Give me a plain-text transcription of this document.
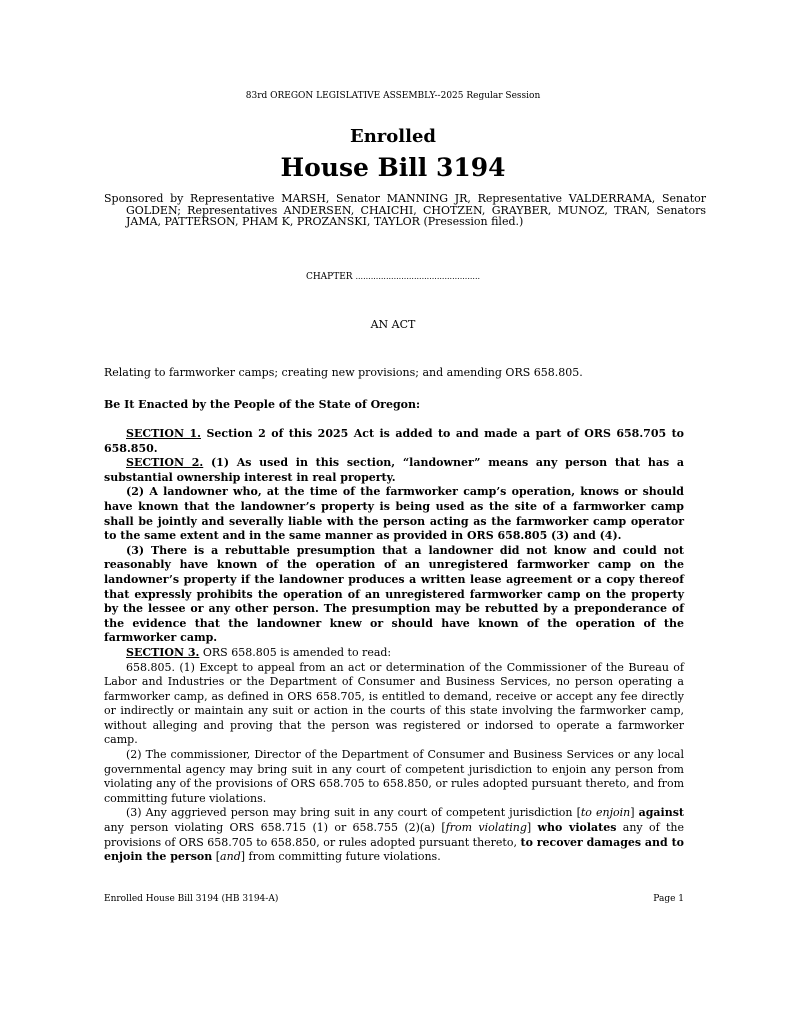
83rd OREGON LEGISLATIVE ASSEMBLY--2025 Regular Session
Enrolled
House Bill 3194
Sponsored by Representative MARSH, Senator MANNING JR, Representative VALDERRAMA, Senator GOLDEN; Representatives ANDERSEN, CHAICHI, CHOTZEN, GRAYBER, MUNOZ, TRAN, Senators JAMA, PATTERSON, PHAM K, PROZANSKI, TAYLOR (Presession filed.)
CHAPTER .................................................
AN ACT
Relating to farmworker camps; creating new provisions; and amending ORS 658.805.
Be It Enacted by the People of the State of Oregon:

SECTION 1. Section 2 of this 2025 Act is added to and made a part of ORS 658.705 to 658.850.

SECTION 2. (1) As used in this section, “landowner” means any person that has a substantial ownership interest in real property.

(2) A landowner who, at the time of the farmworker camp’s operation, knows or should have known that the landowner’s property is being used as the site of a farmworker camp shall be jointly and severally liable with the person acting as the farmworker camp operator to the same extent and in the same manner as provided in ORS 658.805 (3) and (4).

(3) There is a rebuttable presumption that a landowner did not know and could not reasonably have known of the operation of an unregistered farmworker camp on the landowner’s property if the landowner produces a written lease agreement or a copy thereof that expressly prohibits the operation of an unregistered farmworker camp on the property by the lessee or any other person. The presumption may be rebutted by a preponderance of the evidence that the landowner knew or should have known of the operation of the farmworker camp.

SECTION 3. ORS 658.805 is amended to read:

658.805. (1) Except to appeal from an act or determination of the Commissioner of the Bureau of Labor and Industries or the Department of Consumer and Business Services, no person operating a farmworker camp, as defined in ORS 658.705, is entitled to demand, receive or accept any fee directly or indirectly or maintain any suit or action in the courts of this state involving the farmworker camp, without alleging and proving that the person was registered or indorsed to operate a farmworker camp.

(2) The commissioner, Director of the Department of Consumer and Business Services or any local governmental agency may bring suit in any court of competent jurisdiction to enjoin any person from violating any of the provisions of ORS 658.705 to 658.850, or rules adopted pursuant thereto, and from committing future violations.

(3) Any aggrieved person may bring suit in any court of competent jurisdiction [to enjoin] against any person violating ORS 658.715 (1) or 658.755 (2)(a) [from violating] who violates any of the provisions of ORS 658.705 to 658.850, or rules adopted pursuant thereto, to recover damages and to enjoin the person [and] from committing future violations.

Enrolled House Bill 3194 (HB 3194-A)	Page 1
